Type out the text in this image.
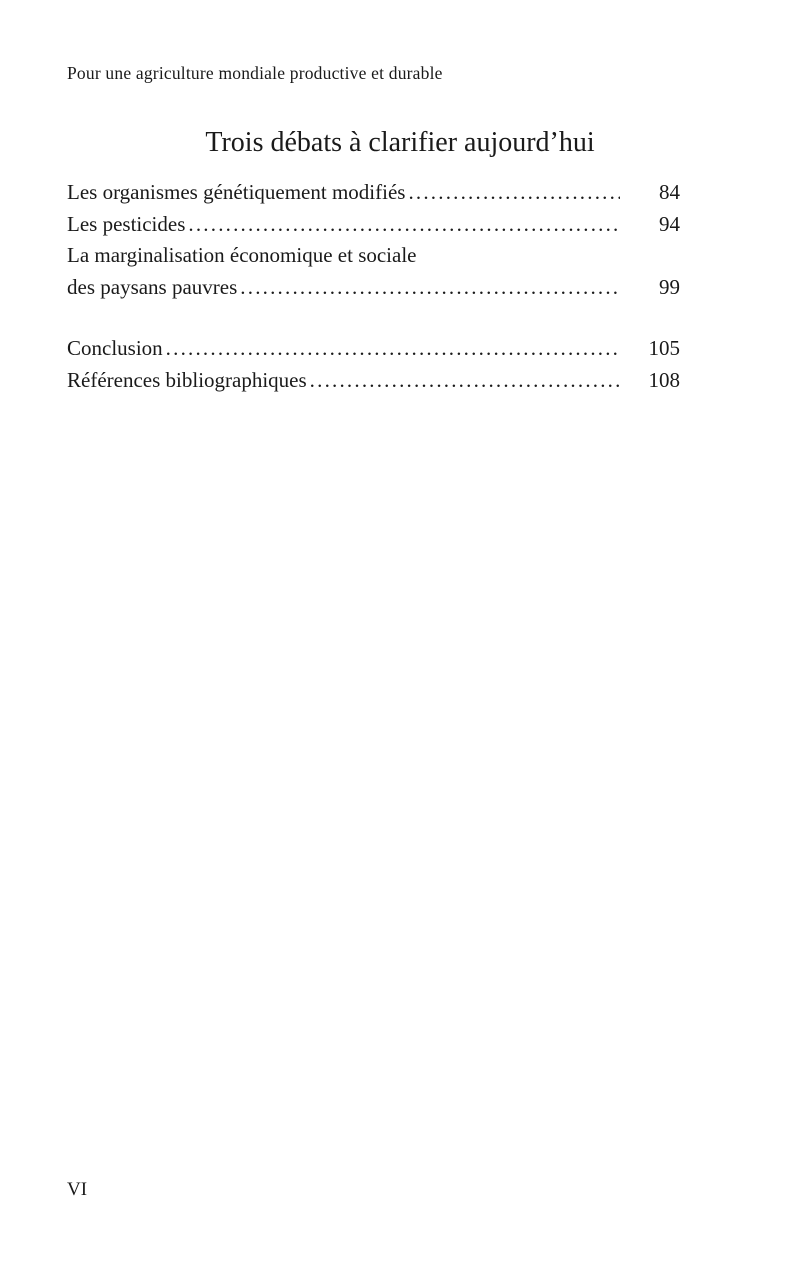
Pour une agriculture mondiale productive et durable
Trois débats à clarifier aujourd’hui
Les organismes génétiquement modifiés .....	84
Les pesticides .....	94
La marginalisation économique et sociale
des paysans pauvres .....	99
Conclusion .....	105
Références bibliographiques .....	108
VI
